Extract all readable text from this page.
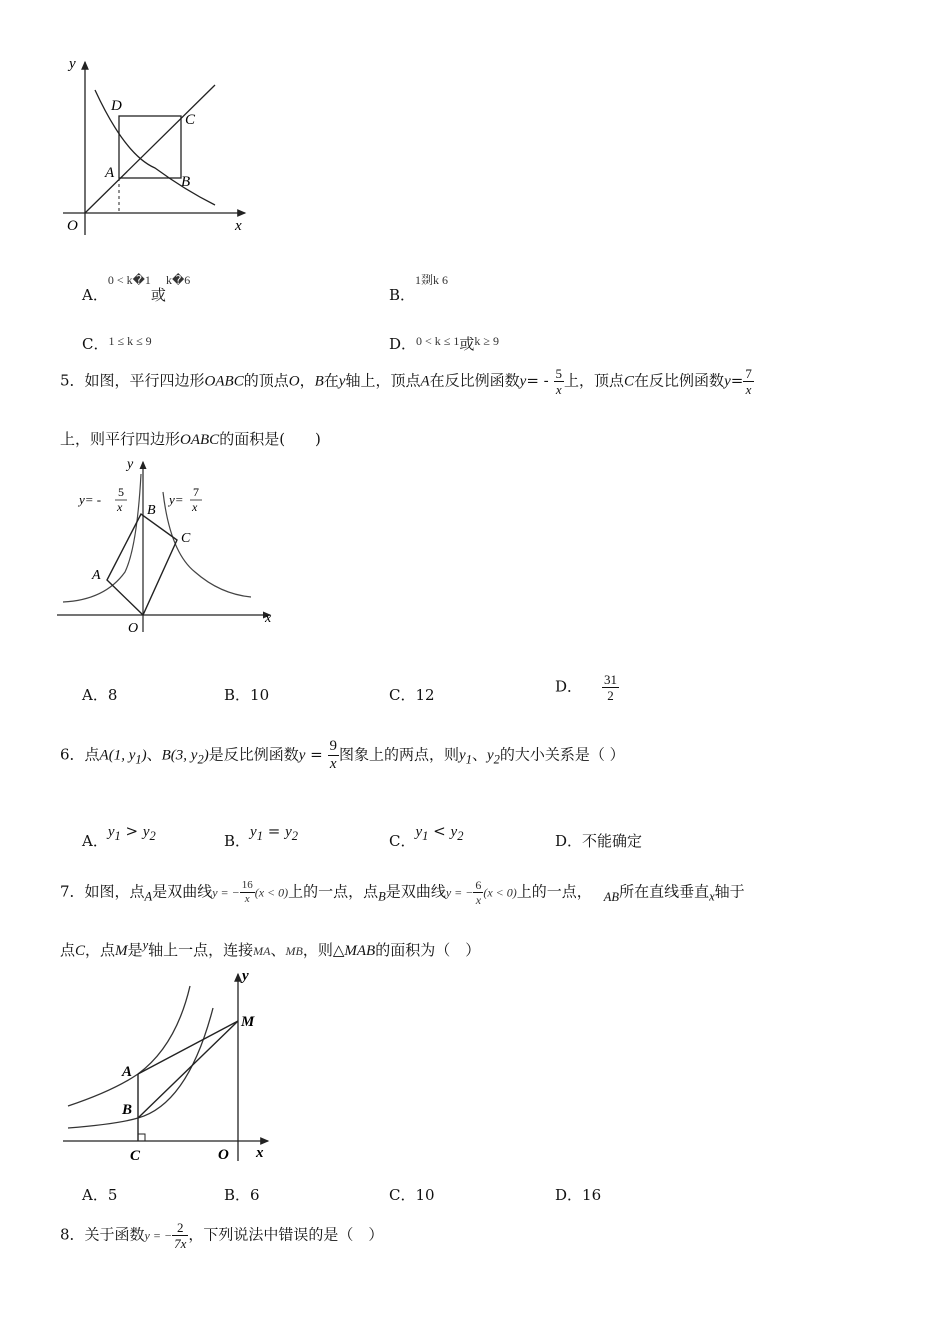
y
x
O
D
C
A
B
A．0 < k�1或k�6
B．1剟k 6
C．1 ≤ k ≤ 9	D．0 < k ≤ 1或k ≥ 9
5．如图，平行四边形OABC的顶点O，B在y轴上，顶点A在反比例函数$y= - \frac{5}{x}$ 上，顶点C在反比例函数$y= \frac{7}{x}$
上，则平行四边形OABC的面积是(　　)
y
x
O
A
B
C
y= - 5
x	y= 7
x
A．8	B．10	C．12	D． $\frac{31}{2}$
6．点A(1, $y_1$)、B(3, $y_2$)是反比例函数$y = \frac{9}{x}$ 图象上的两点，则$y_1$、$y_2$的大小关系是（ ）
A．$y_1 > y_2$	B．$y_1 = y_2$	C．$y_1 < y_2$	D．不能确定
7．如图，点$_A$是双曲线y = − $\frac{16}{x} (x < 0)$上的一点，点$_B$是双曲线y = − $\frac{6}{x} (x < 0)$上的一点， $_{AB}$所在直线垂直$_x$轴于
点C，点M是$^y$轴上一点，连接MA、MB，则△MAB的面积为（　）
y
x
O
M
A
B
C
A．5	B．6	C．10	D．16
8．关于函数y = − $\frac{2}{7x}$ ，下列说法中错误的是（　）
